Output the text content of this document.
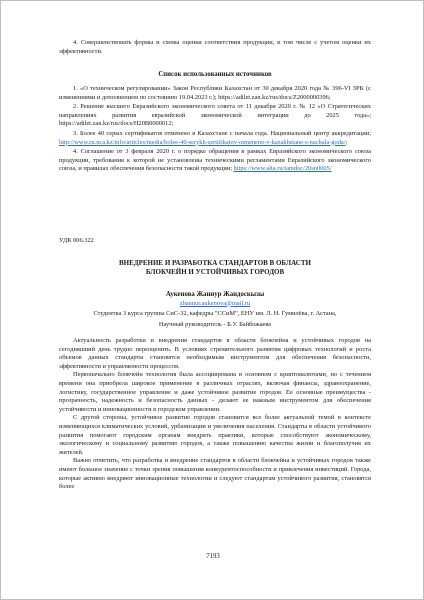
4. Совершенствовать формы и схемы оценки соответствия продукции, в том числе с учетом оценки их эффективности.

Список использованных источников

1. «О техническом регулировании» Закон Республики Казахстан от 30 декабря 2020 года № 396-VI ЗРК (с изменениями и дополнением по состоянию 19.04.2023 г.); https://adilet.zan.kz/rus/docs/Z2000000396;

2. Решение высшего Евразийского экономического совета от 11 декабря 2020 г. № 12 «О Стратегических направлениях развития евразийской экономической интеграции до 2025 года»; https://adilet.zan.kz/rus/docs/H20B0000012;

3. Более 40 серых сертификатов отменено в Казахстане с начала года. Национальный центр аккредитации; http://www.ru.nca.kz/info/articles/media/bolee-40-serykh-sertifikatov-otmeneno-v-kazakhstane-s-nachala-goda/;

4. Соглашение от 3 февраля 2020 г. о порядке обращения в рамках Евразийского экономического союза продукции, требования к которой не установлены техническими регламентами Евразийского экономического союза, и правилах обеспечения безопасности такой продукции; https://www.alta.ru/tamdoc/20sn0005/

УДК 006.322

ВНЕДРЕНИЕ И РАЗРАБОТКА СТАНДАРТОВ В ОБЛАСТИ

БЛОКЧЕЙН И УСТОЙЧИВЫХ ГОРОДОВ

Аукенова Жаннур Жандоскызы

zhannur.aukenova@mail.ru

Студентка 3 курса группы СиС-32, кафедры "ССиМ", ЕНУ им. Л. Н. Гумилёва, г. Астана,

Научный руководитель - Б.У. Байбожаева

Актуальность разработки и внедрения стандартов в области блокчейна и устойчивых городов на сегодняшний день трудно переоценить. В условиях стремительного развития цифровых технологий и роста объемов данных стандарты становятся необходимым инструментом для обеспечения безопасности, эффективности и управляемости процессов.

Первоначально блокчейн технология была ассоциирована в основном с криптовалютами, но с течением времени она приобрела широкое применение в различных отраслях, включая финансы, здравоохранение, логистику, государственное управление и даже устойчивое развитие городов. Ее основные преимущества - прозрачность, надежность и безопасность данных - делают ее важным инструментом для обеспечения устойчивости и инновационности в городском управлении.

С другой стороны, устойчивое развитие городов становится все более актуальной темой в контексте изменяющихся климатических условий, урбанизации и увеличения населения. Стандарты в области устойчивого развития помогают городским органам внедрять практики, которые способствуют экономическому, экологическому и социальному развитию городов, а также повышению качества жизни и благополучия их жителей.

Важно отметить, что разработка и внедрение стандартов в области блокчейна и устойчивых городов также имеют большое значение с точки зрения повышения конкурентоспособности и привлечения инвестиций. Города, которые активно внедряют инновационные технологии и следуют стандартам устойчивого развития, становятся более

7193
